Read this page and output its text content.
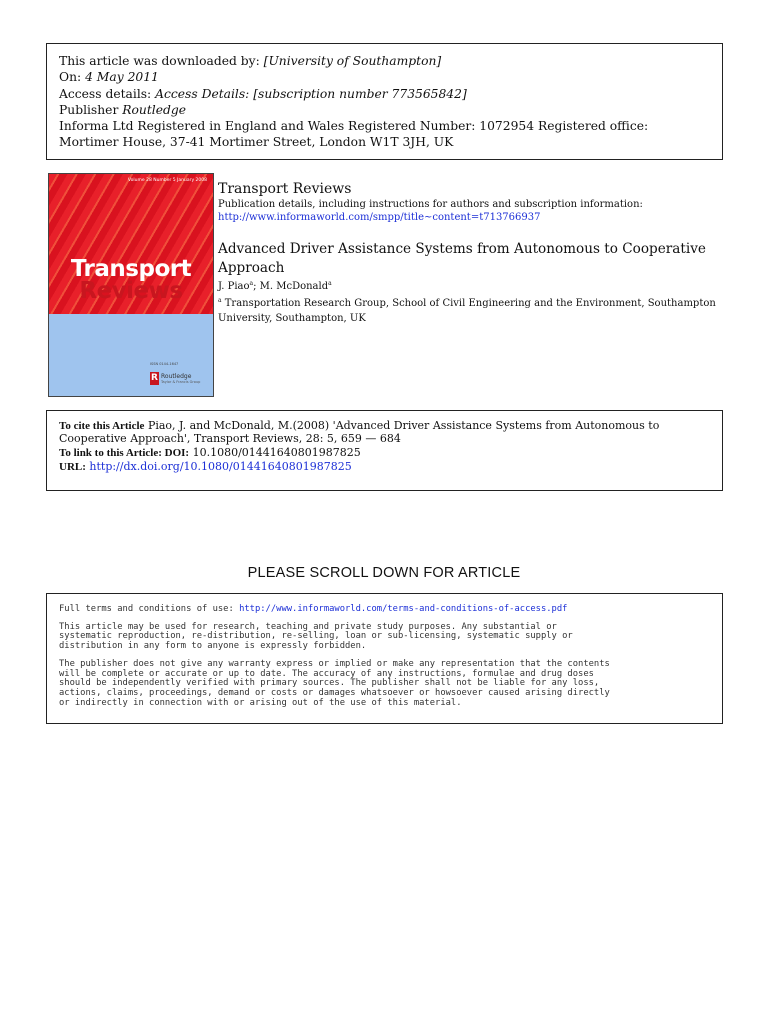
This article was downloaded by: [University of Southampton]
On: 4 May 2011
Access details: Access Details: [subscription number 773565842]
Publisher Routledge
Informa Ltd Registered in England and Wales Registered Number: 1072954 Registered office: Mortimer House, 37-41 Mortimer Street, London W1T 3JH, UK
Volume 28 Number 5 January 2008
Transport
Reviews
ISSN 0144-1647
R Routledge
Taylor & Francis Group
Transport Reviews
Publication details, including instructions for authors and subscription information:
http://www.informaworld.com/smpp/title~content=t713766937
Advanced Driver Assistance Systems from Autonomous to Cooperative Approach
J. Piao$^a$; M. McDonald$^a$
$^a$ Transportation Research Group, School of Civil Engineering and the Environment, Southampton University, Southampton, UK

To cite this Article Piao, J. and McDonald, M.(2008) 'Advanced Driver Assistance Systems from Autonomous to Cooperative Approach', Transport Reviews, 28: 5, 659 — 684

To link to this Article: DOI: 10.1080/01441640801987825

URL: http://dx.doi.org/10.1080/01441640801987825

PLEASE SCROLL DOWN FOR ARTICLE

Full terms and conditions of use: http://www.informaworld.com/terms-and-conditions-of-access.pdf

This article may be used for research, teaching and private study purposes. Any substantial or
systematic reproduction, re-distribution, re-selling, loan or sub-licensing, systematic supply or
distribution in any form to anyone is expressly forbidden.

The publisher does not give any warranty express or implied or make any representation that the contents
will be complete or accurate or up to date. The accuracy of any instructions, formulae and drug doses
should be independently verified with primary sources. The publisher shall not be liable for any loss,
actions, claims, proceedings, demand or costs or damages whatsoever or howsoever caused arising directly
or indirectly in connection with or arising out of the use of this material.
